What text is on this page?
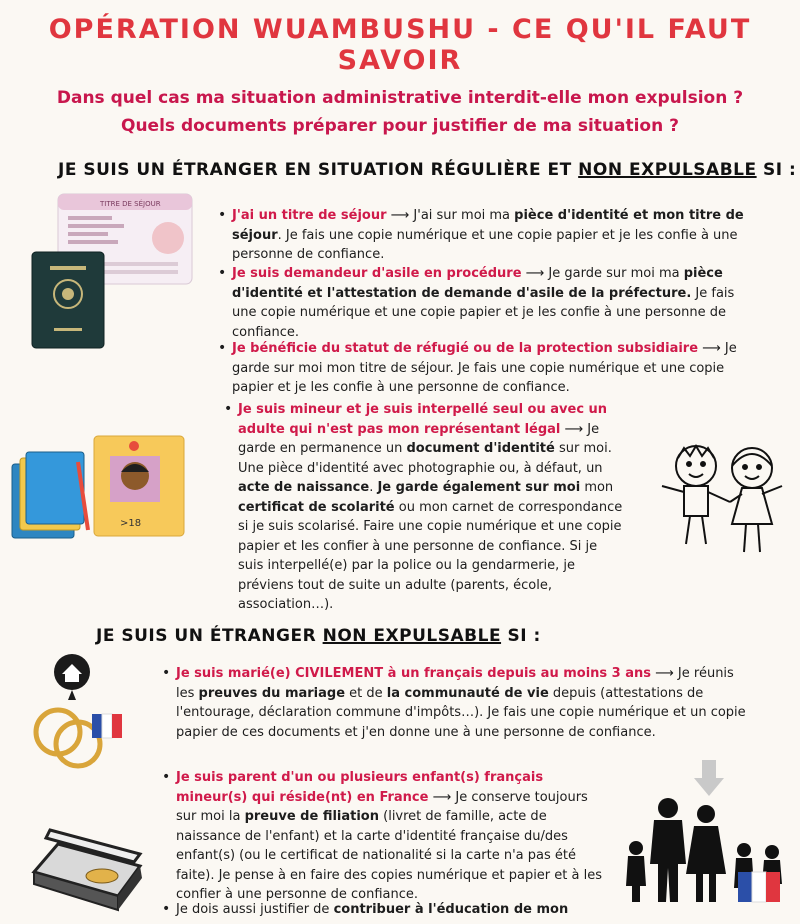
OPÉRATION WUAMBUSHU - CE QU'IL FAUT SAVOIR
Dans quel cas ma situation administrative interdit-elle mon expulsion ?
Quels documents préparer pour justifier de ma situation ?
JE SUIS UN ÉTRANGER EN SITUATION RÉGULIÈRE ET NON EXPULSABLE SI :
TITRE DE SÉJOUR
• J'ai un titre de séjour ⟶ J'ai sur moi ma pièce d'identité et mon titre de séjour. Je fais une copie numérique et une copie papier et je les confie à une personne de confiance.
• Je suis demandeur d'asile en procédure ⟶ Je garde sur moi ma pièce d'identité et l'attestation de demande d'asile de la préfecture. Je fais une copie numérique et une copie papier et je les confie à une personne de confiance.
• Je bénéficie du statut de réfugié ou de la protection subsidiaire ⟶ Je garde sur moi mon titre de séjour. Je fais une copie numérique et une copie papier et je les confie à une personne de confiance.
>18
• Je suis mineur et je suis interpellé seul ou avec un adulte qui n'est pas mon représentant légal ⟶ Je garde en permanence un document d'identité sur moi. Une pièce d'identité avec photographie ou, à défaut, un acte de naissance. Je garde également sur moi mon certificat de scolarité ou mon carnet de correspondance si je suis scolarisé. Faire une copie numérique et une copie papier et les confier à une personne de confiance. Si je suis interpellé(e) par la police ou la gendarmerie, je préviens tout de suite un adulte (parents, école, association…).
JE SUIS UN ÉTRANGER NON EXPULSABLE SI :
• Je suis marié(e) CIVILEMENT à un français depuis au moins 3 ans ⟶ Je réunis les preuves du mariage et de la communauté de vie depuis (attestations de l'entourage, déclaration commune d'impôts…). Je fais une copie numérique et un copie papier de ces documents et j'en donne une à une personne de confiance.
• Je suis parent d'un ou plusieurs enfant(s) français mineur(s) qui réside(nt) en France ⟶ Je conserve toujours sur moi la preuve de filiation (livret de famille, acte de naissance de l'enfant) et la carte d'identité française du/des enfant(s) (ou le certificat de nationalité si la carte n'a pas été faite). Je pense à en faire des copies numérique et papier et à les confier à une personne de confiance.
• Je dois aussi justifier de contribuer à l'éducation de mon
